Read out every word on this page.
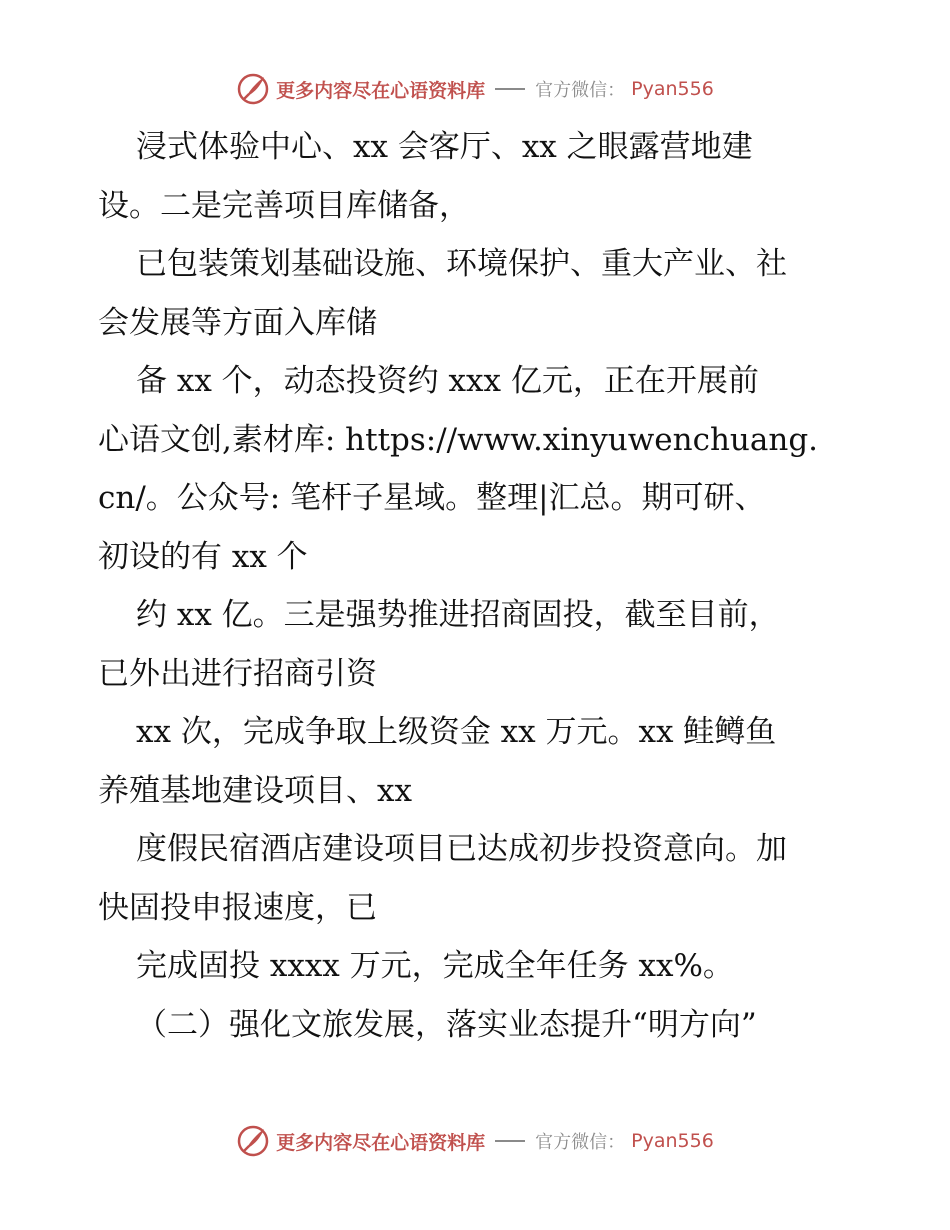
更多内容尽在心语资料库	官方微信： Pyan556
浸式体验中心、xx 会客厅、xx 之眼露营地建
设。二是完善项目库储备，
已包装策划基础设施、环境保护、重大产业、社
会发展等方面入库储
备 xx 个，动态投资约 xxx 亿元，正在开展前
心语文创,素材库: https://www.xinyuwenchuang.
cn/。公众号: 笔杆子星域。整理|汇总。期可研、
初设的有 xx 个
约 xx 亿。三是强势推进招商固投，截至目前，
已外出进行招商引资
xx 次，完成争取上级资金 xx 万元。xx 鲑鳟鱼
养殖基地建设项目、xx
度假民宿酒店建设项目已达成初步投资意向。加
快固投申报速度，已
完成固投 xxxx 万元，完成全年任务 xx%。
（二）强化文旅发展，落实业态提升“明方向”
更多内容尽在心语资料库	官方微信： Pyan556
